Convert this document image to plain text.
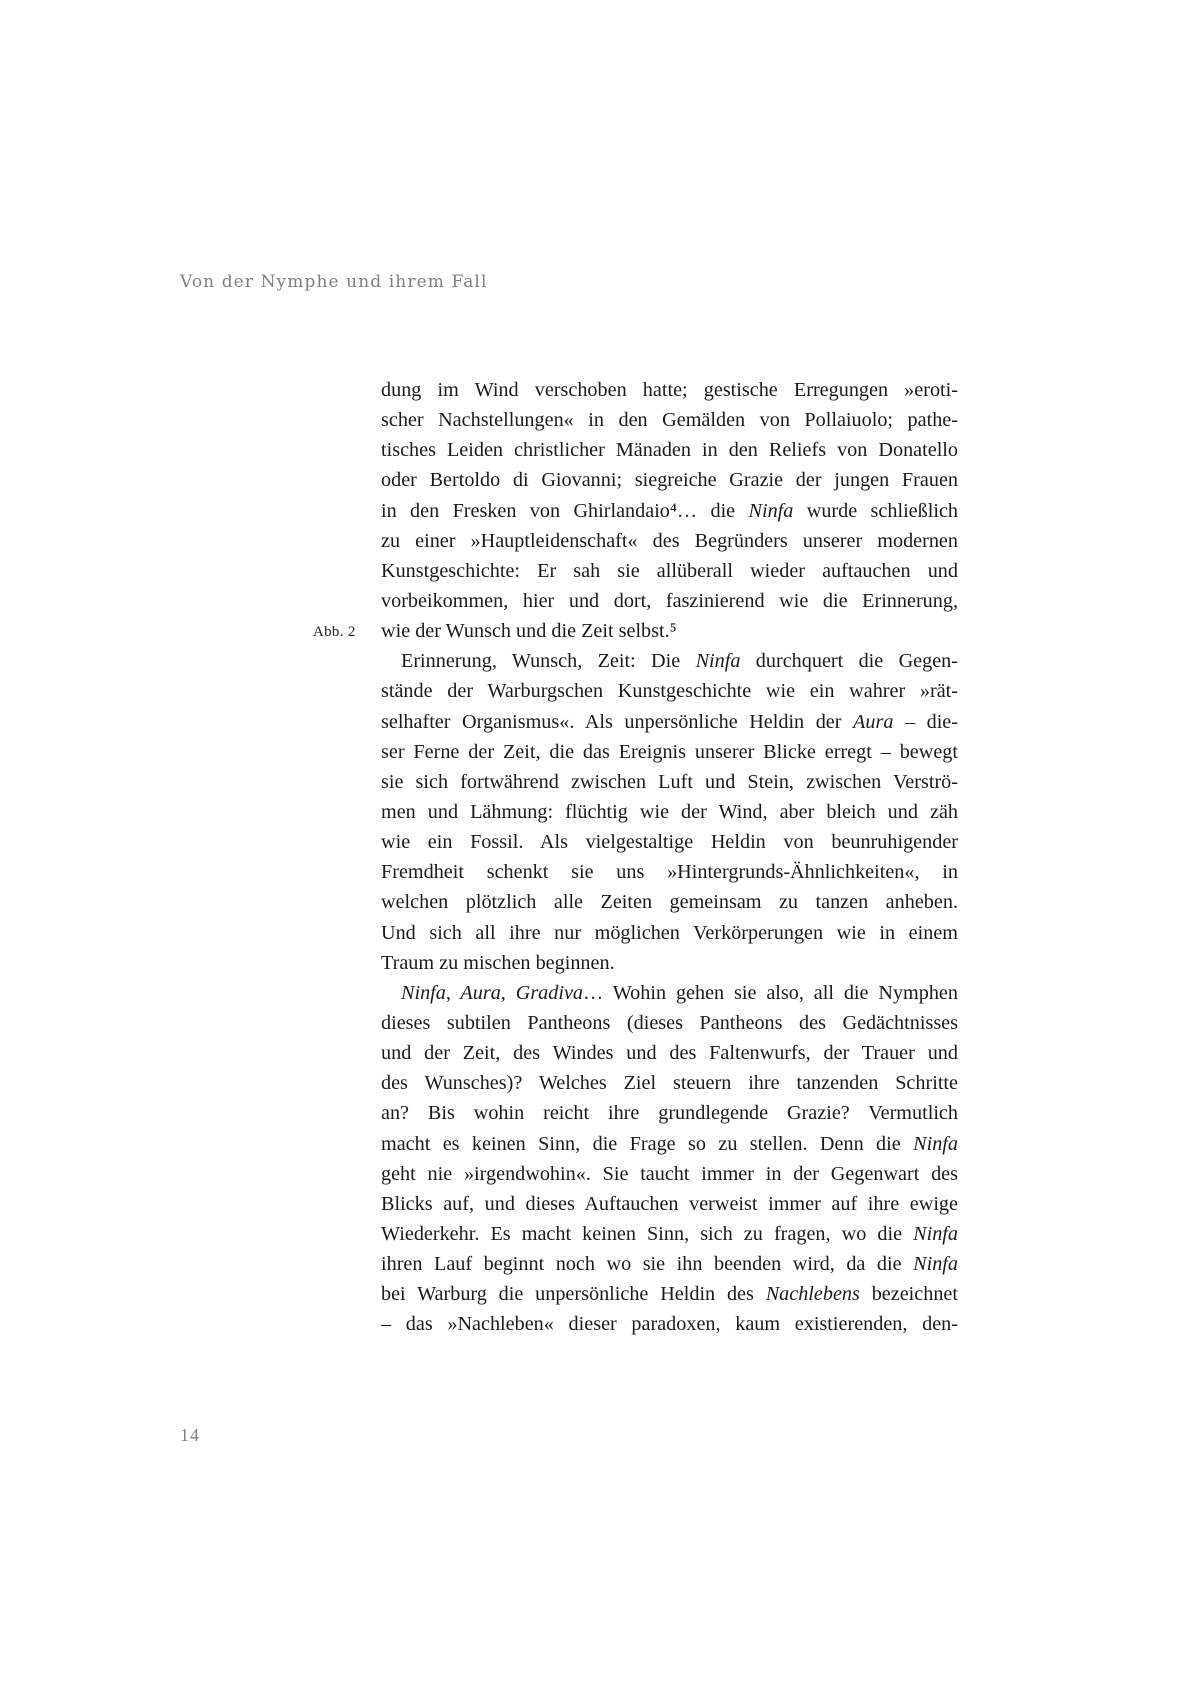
Von der Nymphe und ihrem Fall
Abb. 2
dung im Wind verschoben hatte; gestische Erregungen »eroti-
scher Nachstellungen« in den Gemälden von Pollaiuolo; pathe-
tisches Leiden christlicher Mänaden in den Reliefs von Donatello
oder Bertoldo di Giovanni; siegreiche Grazie der jungen Frauen
in den Fresken von Ghirlandaio⁴… die Ninfa wurde schließlich
zu einer »Hauptleidenschaft« des Begründers unserer modernen
Kunstgeschichte: Er sah sie allüberall wieder auftauchen und
vorbeikommen, hier und dort, faszinierend wie die Erinnerung,
wie der Wunsch und die Zeit selbst.⁵
Erinnerung, Wunsch, Zeit: Die Ninfa durchquert die Gegen-
stände der Warburgschen Kunstgeschichte wie ein wahrer »rät-
selhafter Organismus«. Als unpersönliche Heldin der Aura – die-
ser Ferne der Zeit, die das Ereignis unserer Blicke erregt – bewegt
sie sich fortwährend zwischen Luft und Stein, zwischen Verströ-
men und Lähmung: flüchtig wie der Wind, aber bleich und zäh
wie ein Fossil. Als vielgestaltige Heldin von beunruhigender
Fremdheit schenkt sie uns »Hintergrunds-Ähnlichkeiten«, in
welchen plötzlich alle Zeiten gemeinsam zu tanzen anheben.
Und sich all ihre nur möglichen Verkörperungen wie in einem
Traum zu mischen beginnen.
Ninfa, Aura, Gradiva… Wohin gehen sie also, all die Nymphen
dieses subtilen Pantheons (dieses Pantheons des Gedächtnisses
und der Zeit, des Windes und des Faltenwurfs, der Trauer und
des Wunsches)? Welches Ziel steuern ihre tanzenden Schritte
an? Bis wohin reicht ihre grundlegende Grazie? Vermutlich
macht es keinen Sinn, die Frage so zu stellen. Denn die Ninfa
geht nie »irgendwohin«. Sie taucht immer in der Gegenwart des
Blicks auf, und dieses Auftauchen verweist immer auf ihre ewige
Wiederkehr. Es macht keinen Sinn, sich zu fragen, wo die Ninfa
ihren Lauf beginnt noch wo sie ihn beenden wird, da die Ninfa
bei Warburg die unpersönliche Heldin des Nachlebens bezeichnet
– das »Nachleben« dieser paradoxen, kaum existierenden, den-
14
